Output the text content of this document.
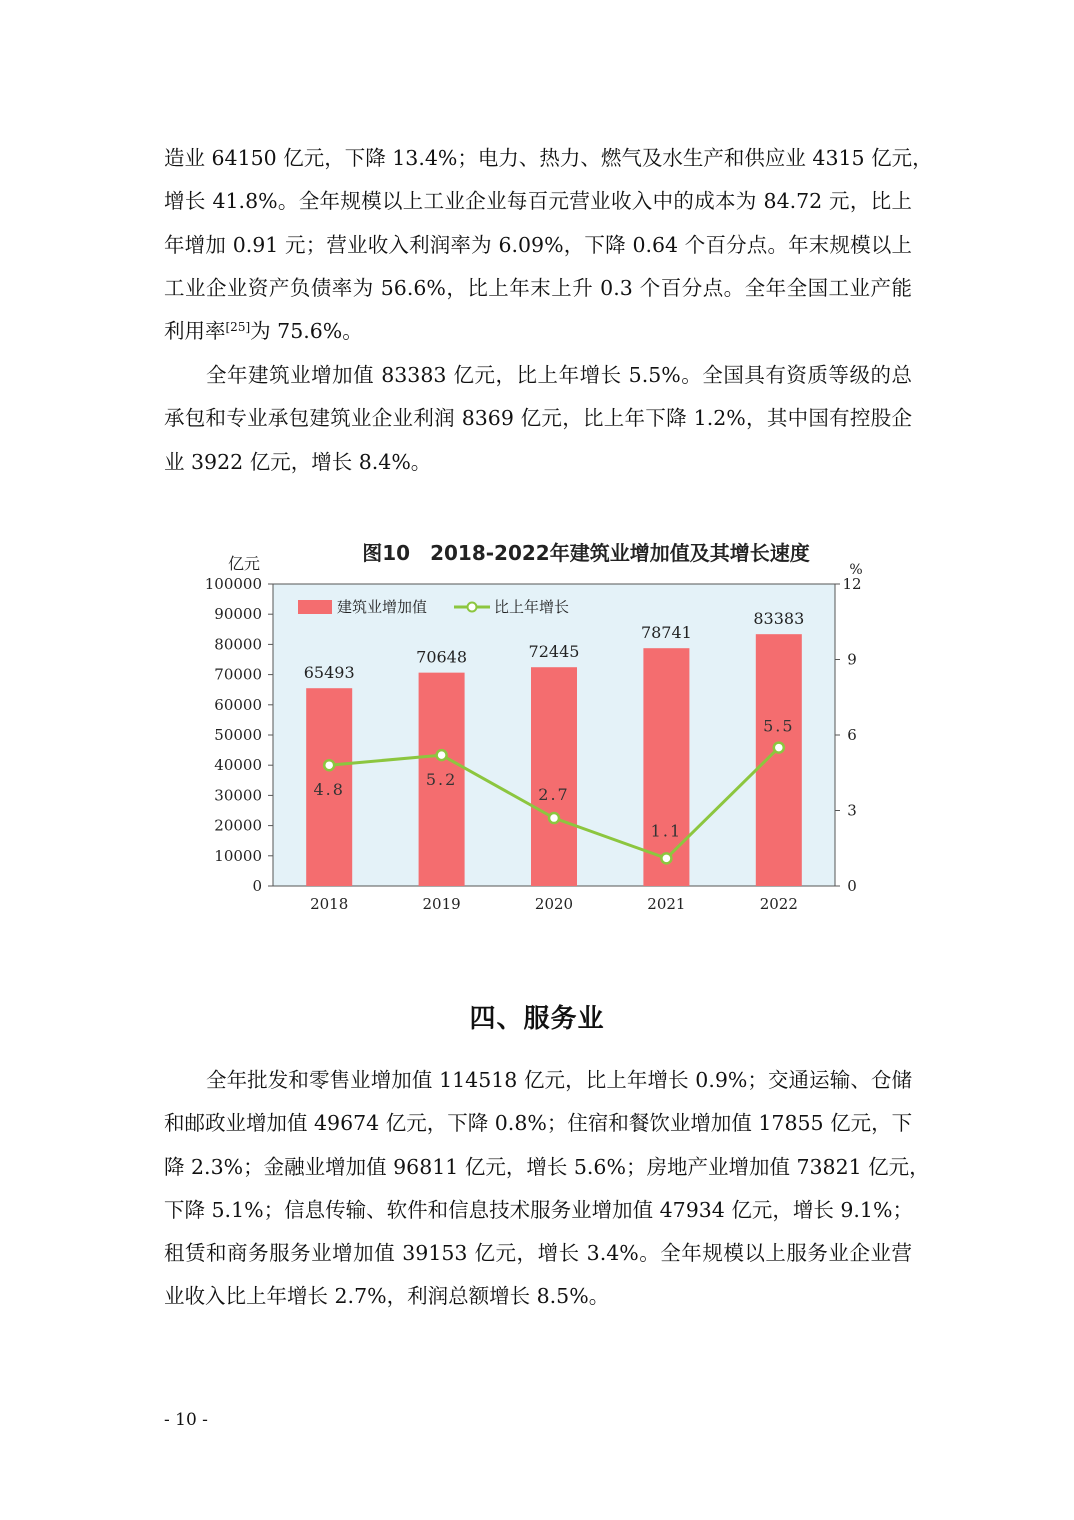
造业 64150 亿元，下降 13.4%；电力、热力、燃气及水生产和供应业 4315 亿元，
增长 41.8%。全年规模以上工业企业每百元营业收入中的成本为 84.72 元，比上
年增加 0.91 元；营业收入利润率为 6.09%，下降 0.64 个百分点。年末规模以上
工业企业资产负债率为 56.6%，比上年末上升 0.3 个百分点。全年全国工业产能
利用率[25]为 75.6%。
全年建筑业增加值 83383 亿元，比上年增长 5.5%。全国具有资质等级的总
承包和专业承包建筑业企业利润 8369 亿元，比上年下降 1.2%，其中国有控股企
业 3922 亿元，增长 8.4%。
图10　2018-2022年建筑业增加值及其增长速度
0
10000
20000
30000
40000
50000
60000
70000
80000
90000
100000
亿元
0
3
6
9
12
%
65493
70648	72445
78741
83383
2018	2019	2020	2021	2022
4.8
5.2
2.7
1.1
5.5
建筑业增加值	比上年增长
四、服务业
全年批发和零售业增加值 114518 亿元，比上年增长 0.9%；交通运输、仓储
和邮政业增加值 49674 亿元，下降 0.8%；住宿和餐饮业增加值 17855 亿元，下
降 2.3%；金融业增加值 96811 亿元，增长 5.6%；房地产业增加值 73821 亿元，
下降 5.1%；信息传输、软件和信息技术服务业增加值 47934 亿元，增长 9.1%；
租赁和商务服务业增加值 39153 亿元，增长 3.4%。全年规模以上服务业企业营
业收入比上年增长 2.7%，利润总额增长 8.5%。
- 10 -
